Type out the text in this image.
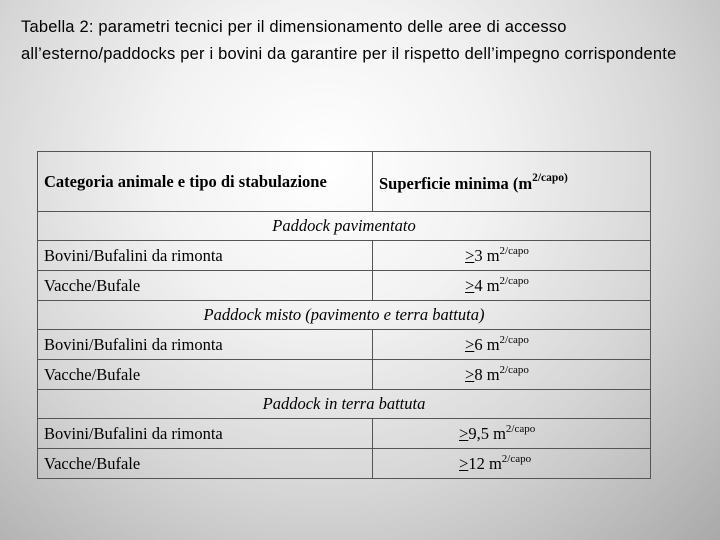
Tabella 2: parametri tecnici per il dimensionamento delle aree di accesso all’esterno/paddocks per i bovini da garantire per il rispetto dell’impegno corrispondente
Categoria animale e tipo di stabulazione	Superficie minima ($m^{2/capo)}$
Paddock pavimentato	
Bovini/Bufalini da rimonta	≥3 $m^{2/capo}$
Vacche/Bufale	≥4 $m^{2/capo}$
Paddock misto (pavimento e terra battuta)	
Bovini/Bufalini da rimonta	≥6 $m^{2/capo}$
Vacche/Bufale	≥8 $m^{2/capo}$
Paddock in terra battuta	
Bovini/Bufalini da rimonta	≥9,5 $m^{2/capo}$
Vacche/Bufale	≥12 $m^{2/capo}$
